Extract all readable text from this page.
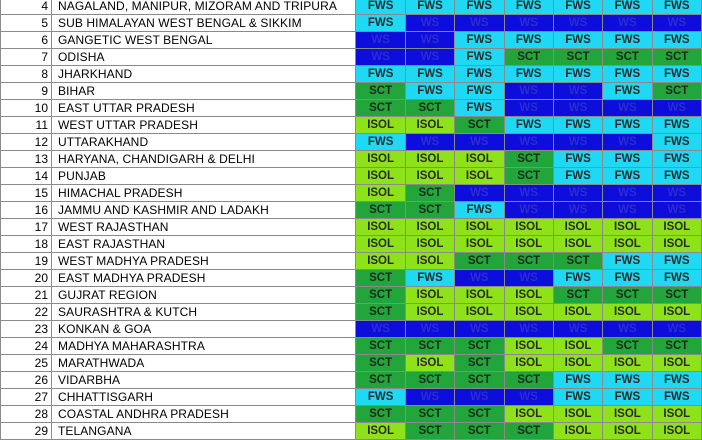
4	NAGALAND, MANIPUR, MIZORAM AND TRIPURA	FWS	FWS	FWS	FWS	FWS	FWS	FWS
5	SUB HIMALAYAN WEST BENGAL & SIKKIM	FWS	WS	WS	WS	WS	WS	WS
6	GANGETIC WEST BENGAL	WS	WS	FWS	FWS	FWS	FWS	FWS
7	ODISHA	WS	WS	FWS	SCT	SCT	SCT	SCT
8	JHARKHAND	FWS	FWS	FWS	FWS	FWS	FWS	FWS
9	BIHAR	SCT	FWS	FWS	WS	WS	FWS	SCT
10	EAST UTTAR PRADESH	SCT	SCT	FWS	WS	WS	WS	WS
11	WEST UTTAR PRADESH	ISOL	ISOL	SCT	FWS	FWS	FWS	FWS
12	UTTARAKHAND	FWS	WS	WS	WS	WS	WS	FWS
13	HARYANA, CHANDIGARH & DELHI	ISOL	ISOL	ISOL	SCT	FWS	FWS	FWS
14	PUNJAB	ISOL	ISOL	ISOL	SCT	FWS	FWS	FWS
15	HIMACHAL PRADESH	ISOL	SCT	WS	WS	WS	WS	WS
16	JAMMU AND KASHMIR AND LADAKH	SCT	SCT	FWS	WS	WS	WS	WS
17	WEST RAJASTHAN	ISOL	ISOL	ISOL	ISOL	ISOL	ISOL	ISOL
18	EAST RAJASTHAN	ISOL	ISOL	ISOL	ISOL	ISOL	ISOL	ISOL
19	WEST MADHYA PRADESH	ISOL	ISOL	SCT	SCT	SCT	FWS	FWS
20	EAST MADHYA PRADESH	SCT	FWS	WS	WS	FWS	FWS	FWS
21	GUJRAT REGION	SCT	ISOL	ISOL	ISOL	SCT	SCT	SCT
22	SAURASHTRA & KUTCH	SCT	ISOL	ISOL	ISOL	ISOL	ISOL	ISOL
23	KONKAN & GOA	WS	WS	WS	WS	WS	WS	WS
24	MADHYA MAHARASHTRA	SCT	SCT	SCT	ISOL	ISOL	SCT	SCT
25	MARATHWADA	SCT	ISOL	SCT	ISOL	ISOL	ISOL	ISOL
26	VIDARBHA	SCT	SCT	SCT	SCT	FWS	FWS	FWS
27	CHHATTISGARH	FWS	WS	WS	WS	FWS	FWS	FWS
28	COASTAL ANDHRA PRADESH	SCT	SCT	SCT	ISOL	ISOL	ISOL	ISOL
29	TELANGANA	ISOL	SCT	SCT	SCT	ISOL	ISOL	ISOL
